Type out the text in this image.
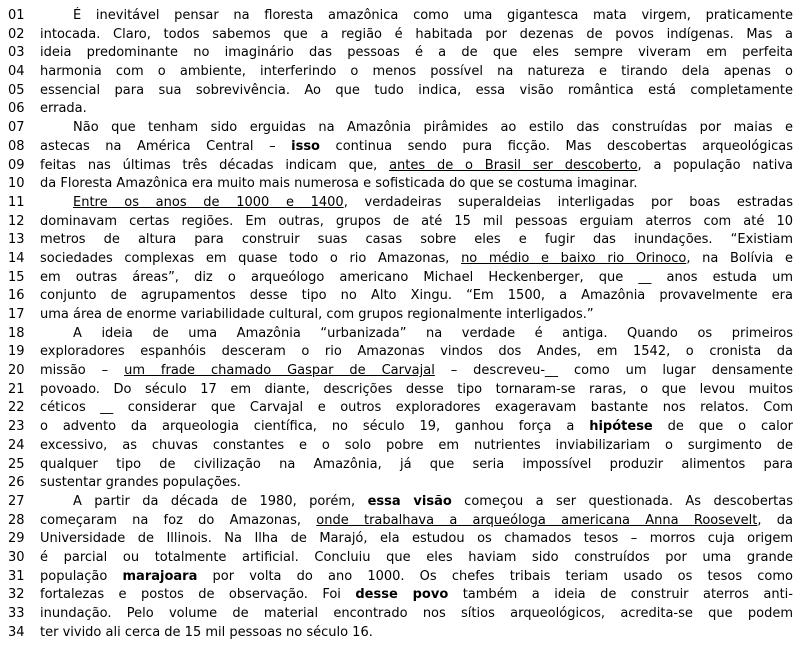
01	É inevitável pensar na floresta amazônica como uma gigantesca mata virgem, praticamente
02	intocada. Claro, todos sabemos que a região é habitada por dezenas de povos indígenas. Mas a
03	ideia predominante no imaginário das pessoas é a de que eles sempre viveram em perfeita
04	harmonia com o ambiente, interferindo o menos possível na natureza e tirando dela apenas o
05	essencial para sua sobrevivência. Ao que tudo indica, essa visão romântica está completamente
06	errada.
07	Não que tenham sido erguidas na Amazônia pirâmides ao estilo das construídas por maias e
08	astecas na América Central – isso continua sendo pura ficção. Mas descobertas arqueológicas
09	feitas nas últimas três décadas indicam que, antes de o Brasil ser descoberto, a população nativa
10	da Floresta Amazônica era muito mais numerosa e sofisticada do que se costuma imaginar.
11	Entre os anos de 1000 e 1400, verdadeiras superaldeias interligadas por boas estradas
12	dominavam certas regiões. Em outras, grupos de até 15 mil pessoas erguiam aterros com até 10
13	metros de altura para construir suas casas sobre eles e fugir das inundações. “Existiam
14	sociedades complexas em quase todo o rio Amazonas, no médio e baixo rio Orinoco, na Bolívia e
15	em outras áreas”, diz o arqueólogo americano Michael Heckenberger, que __ anos estuda um
16	conjunto de agrupamentos desse tipo no Alto Xingu. “Em 1500, a Amazônia provavelmente era
17	uma área de enorme variabilidade cultural, com grupos regionalmente interligados.”
18	A ideia de uma Amazônia “urbanizada” na verdade é antiga. Quando os primeiros
19	exploradores espanhóis desceram o rio Amazonas vindos dos Andes, em 1542, o cronista da
20	missão – um frade chamado Gaspar de Carvajal – descreveu-__ como um lugar densamente
21	povoado. Do século 17 em diante, descrições desse tipo tornaram-se raras, o que levou muitos
22	céticos __ considerar que Carvajal e outros exploradores exageravam bastante nos relatos. Com
23	o advento da arqueologia científica, no século 19, ganhou força a hipótese de que o calor
24	excessivo, as chuvas constantes e o solo pobre em nutrientes inviabilizariam o surgimento de
25	qualquer tipo de civilização na Amazônia, já que seria impossível produzir alimentos para
26	sustentar grandes populações.
27	A partir da década de 1980, porém, essa visão começou a ser questionada. As descobertas
28	começaram na foz do Amazonas, onde trabalhava a arqueóloga americana Anna Roosevelt, da
29	Universidade de Illinois. Na Ilha de Marajó, ela estudou os chamados tesos – morros cuja origem
30	é parcial ou totalmente artificial. Concluiu que eles haviam sido construídos por uma grande
31	população marajoara por volta do ano 1000. Os chefes tribais teriam usado os tesos como
32	fortalezas e postos de observação. Foi desse povo também a ideia de construir aterros anti-
33	inundação. Pelo volume de material encontrado nos sítios arqueológicos, acredita-se que podem
34	ter vivido ali cerca de 15 mil pessoas no século 16.
